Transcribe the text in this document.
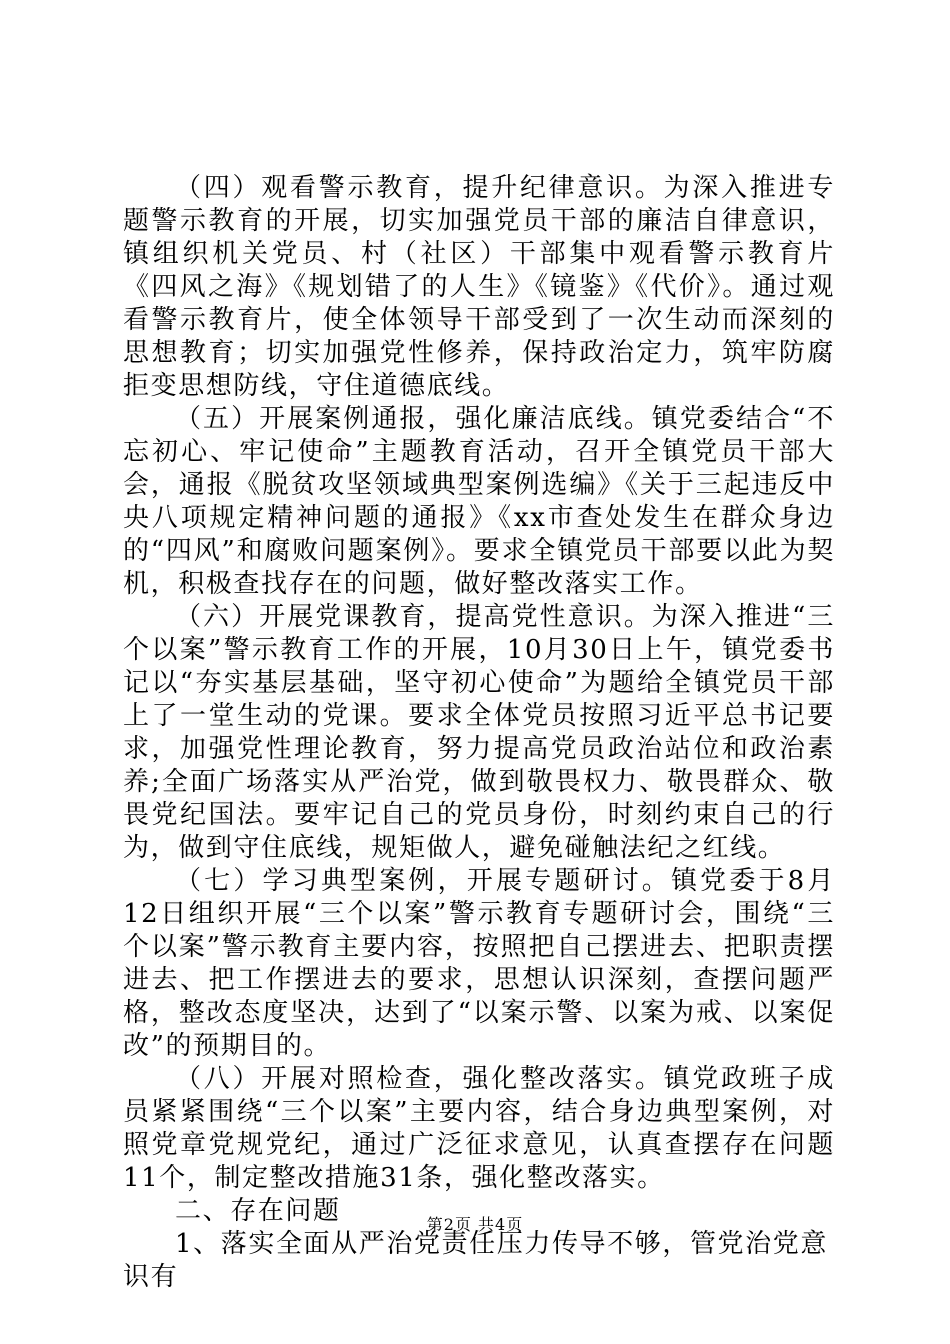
（四）观看警示教育，提升纪律意识。为深入推进专题警示教育的开展，切实加强党员干部的廉洁自律意识，镇组织机关党员、村（社区）干部集中观看警示教育片《四风之海》《规划错了的人生》《镜鉴》《代价》。通过观看警示教育片，使全体领导干部受到了一次生动而深刻的思想教育；切实加强党性修养，保持政治定力，筑牢防腐拒变思想防线，守住道德底线。

（五）开展案例通报，强化廉洁底线。镇党委结合“不忘初心、牢记使命”主题教育活动，召开全镇党员干部大会，通报《脱贫攻坚领域典型案例选编》《关于三起违反中央八项规定精神问题的通报》《xx市查处发生在群众身边的“四风”和腐败问题案例》。要求全镇党员干部要以此为契机，积极查找存在的问题，做好整改落实工作。

（六）开展党课教育，提高党性意识。为深入推进“三个以案”警示教育工作的开展，10月30日上午，镇党委书记以“夯实基层基础，坚守初心使命”为题给全镇党员干部上了一堂生动的党课。要求全体党员按照习近平总书记要求，加强党性理论教育，努力提高党员政治站位和政治素养;全面广场落实从严治党，做到敬畏权力、敬畏群众、敬畏党纪国法。要牢记自己的党员身份，时刻约束自己的行为，做到守住底线，规矩做人，避免碰触法纪之红线。

（七）学习典型案例，开展专题研讨。镇党委于8月12日组织开展“三个以案”警示教育专题研讨会，围绕“三个以案”警示教育主要内容，按照把自己摆进去、把职责摆进去、把工作摆进去的要求，思想认识深刻，查摆问题严格，整改态度坚决，达到了“以案示警、以案为戒、以案促改”的预期目的。

（八）开展对照检查，强化整改落实。镇党政班子成员紧紧围绕“三个以案”主要内容，结合身边典型案例，对照党章党规党纪，通过广泛征求意见，认真查摆存在问题11个，制定整改措施31条，强化整改落实。

二、存在问题

1、落实全面从严治党责任压力传导不够，管党治党意识有

第2页 共4页
